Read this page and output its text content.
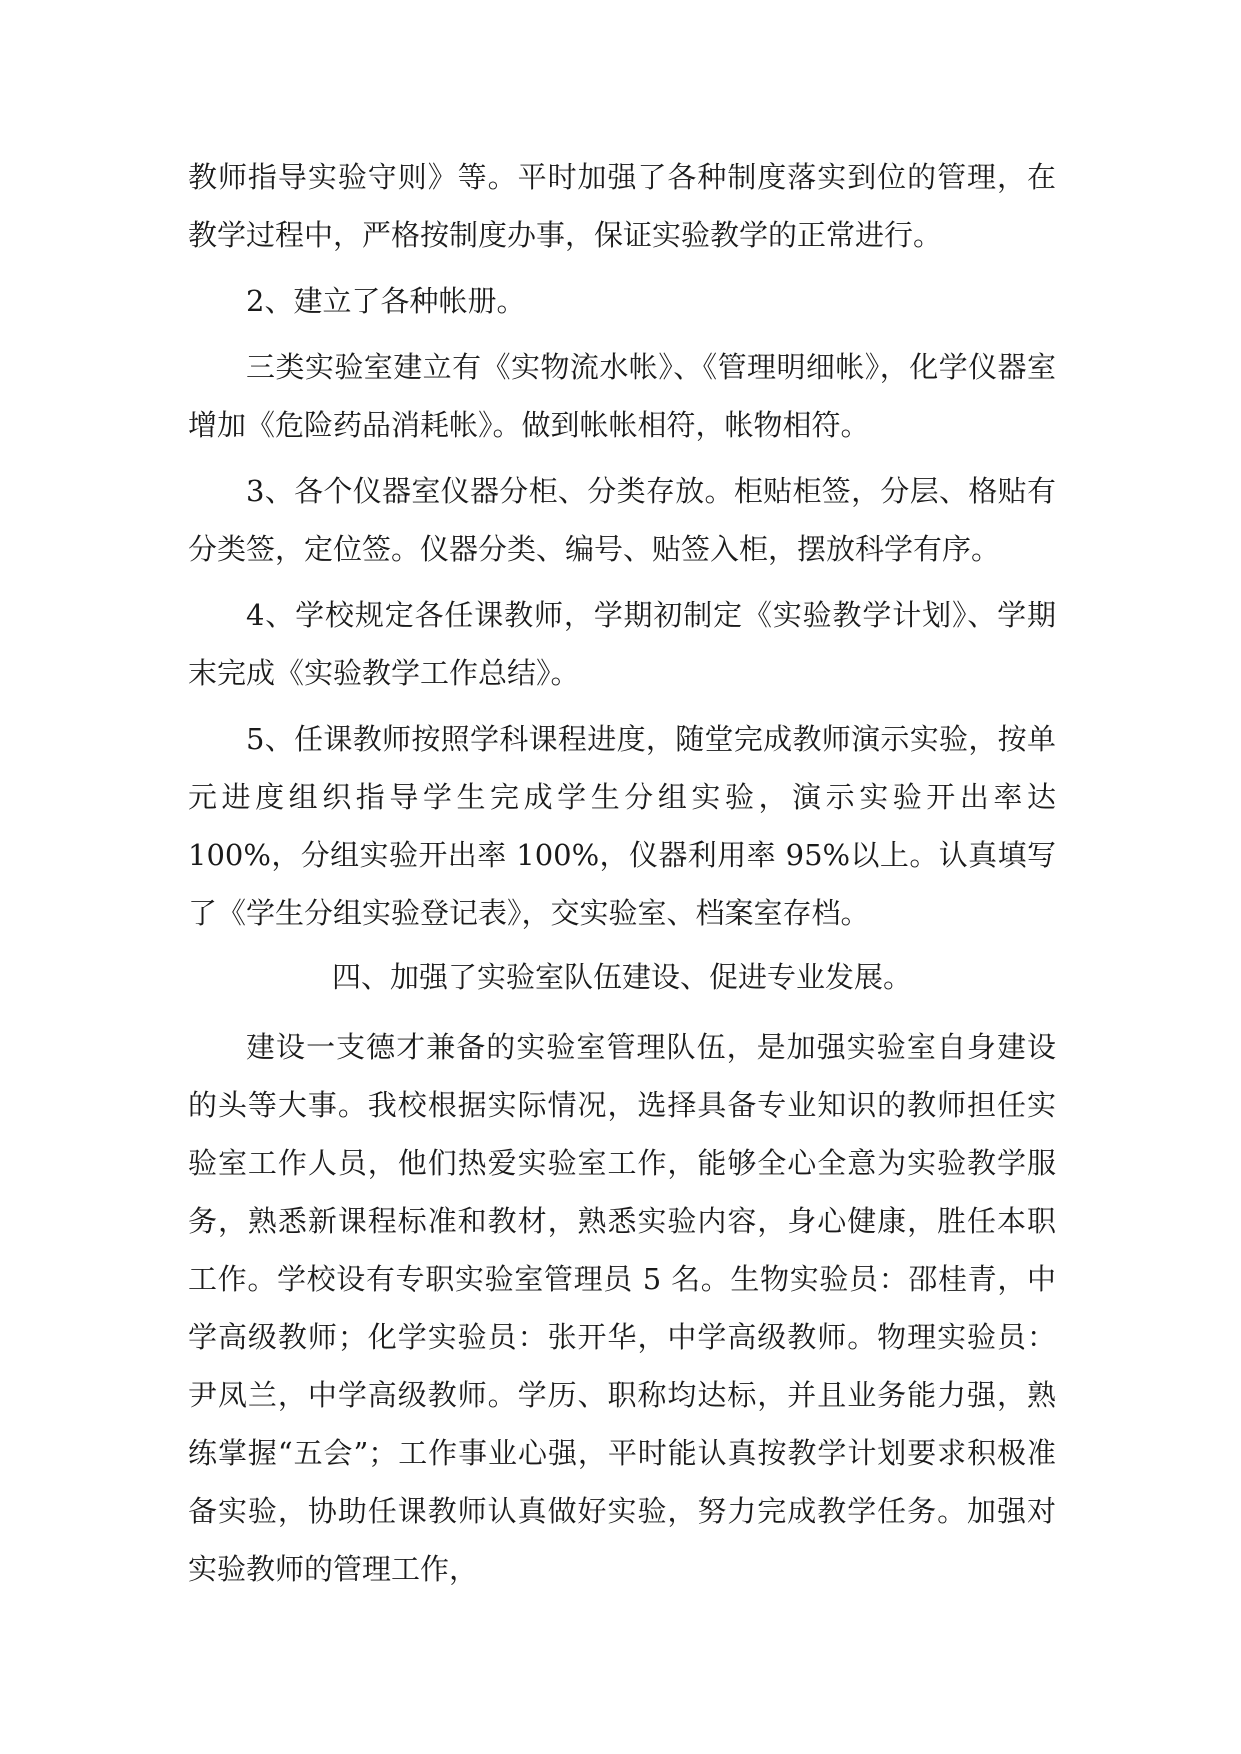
教师指导实验守则》等。平时加强了各种制度落实到位的管理，在教学过程中，严格按制度办事，保证实验教学的正常进行。

2、建立了各种帐册。

三类实验室建立有《实物流水帐》、《管理明细帐》，化学仪器室增加《危险药品消耗帐》。做到帐帐相符，帐物相符。

3、各个仪器室仪器分柜、分类存放。柜贴柜签，分层、格贴有分类签，定位签。仪器分类、编号、贴签入柜，摆放科学有序。

4、学校规定各任课教师，学期初制定《实验教学计划》、学期末完成《实验教学工作总结》。

5、任课教师按照学科课程进度，随堂完成教师演示实验，按单元进度组织指导学生完成学生分组实验，演示实验开出率达 100%，分组实验开出率 100%，仪器利用率 95%以上。认真填写了《学生分组实验登记表》，交实验室、档案室存档。

四、加强了实验室队伍建设、促进专业发展。

建设一支德才兼备的实验室管理队伍，是加强实验室自身建设的头等大事。我校根据实际情况，选择具备专业知识的教师担任实验室工作人员，他们热爱实验室工作，能够全心全意为实验教学服务，熟悉新课程标准和教材，熟悉实验内容，身心健康，胜任本职工作。学校设有专职实验室管理员 5 名。生物实验员：邵桂青，中学高级教师；化学实验员：张开华，中学高级教师。物理实验员：尹凤兰，中学高级教师。学历、职称均达标，并且业务能力强，熟练掌握“五会”；工作事业心强，平时能认真按教学计划要求积极准备实验，协助任课教师认真做好实验，努力完成教学任务。加强对实验教师的管理工作，
